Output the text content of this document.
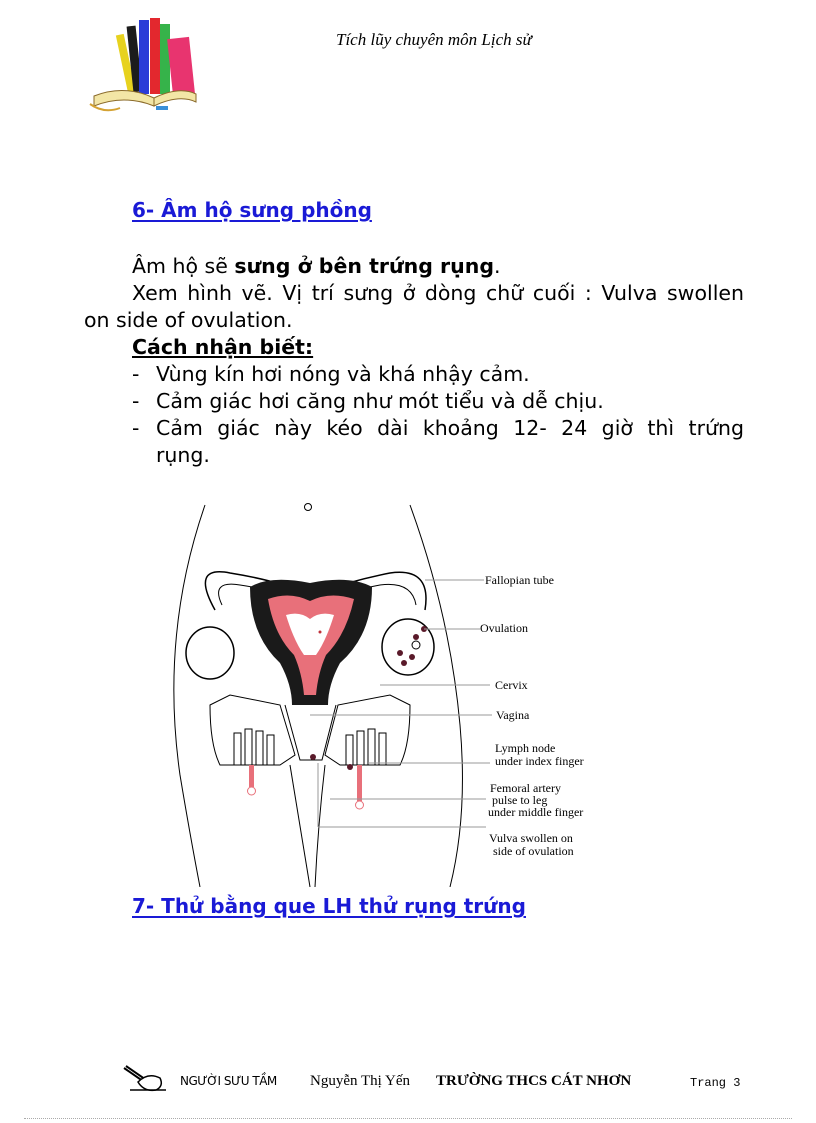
Tích lũy chuyên môn Lịch sử
6- Âm hộ sưng phồng
Âm hộ sẽ sưng ở bên trứng rụng.
Xem hình vẽ. Vị trí sưng ở dòng chữ cuối : Vulva swollen
on side of ovulation.
Cách nhận biết:
- Vùng kín hơi nóng và khá nhậy cảm.
- Cảm giác hơi căng như mót tiểu và dễ chịu.
- Cảm giác này kéo dài khoảng 12- 24 giờ thì trứng
rụng.
Fallopian tube
Ovulation
Cervix
Vagina
Lymph node
under index finger
Femoral artery
pulse to leg
under middle finger
Vulva swollen on
side of ovulation
7- Thử bằng que LH thử rụng trứng
NGƯỜI SƯU TẦM Nguyễn Thị Yến TRƯỜNG THCS CÁT NHƠN	Trang 3
